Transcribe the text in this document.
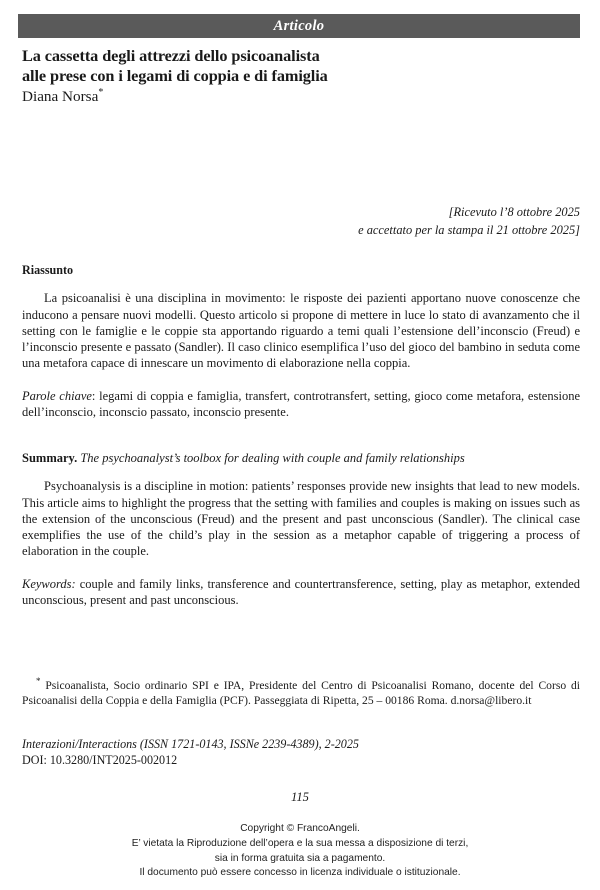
Articolo
La cassetta degli attrezzi dello psicoanalista
alle prese con i legami di coppia e di famiglia

Diana Norsa*

[Ricevuto l’8 ottobre 2025
e accettato per la stampa il 21 ottobre 2025]

Riassunto

La psicoanalisi è una disciplina in movimento: le risposte dei pazienti apportano nuove conoscenze che inducono a pensare nuovi modelli. Questo articolo si propone di mettere in luce lo stato di avanzamento che il setting con le famiglie e le coppie sta apportando riguardo a temi quali l’estensione dell’inconscio (Freud) e l’inconscio presente e passato (Sandler). Il caso clinico esemplifica l’uso del gioco del bambino in seduta come una metafora capace di innescare un movimento di elaborazione nella coppia.

Parole chiave: legami di coppia e famiglia, transfert, controtransfert, setting, gioco come metafora, estensione dell’inconscio, inconscio passato, inconscio presente.

Summary. The psychoanalyst’s toolbox for dealing with couple and family relationships

Psychoanalysis is a discipline in motion: patients’ responses provide new insights that lead to new models. This article aims to highlight the progress that the setting with families and couples is making on issues such as the extension of the unconscious (Freud) and the present and past unconscious (Sandler). The clinical case exemplifies the use of the child’s play in the session as a metaphor capable of triggering a process of elaboration in the couple.

Keywords: couple and family links, transference and countertransference, setting, play as metaphor, extended unconscious, present and past unconscious.

* Psicoanalista, Socio ordinario SPI e IPA, Presidente del Centro di Psicoanalisi Romano, docente del Corso di Psicoanalisi della Coppia e della Famiglia (PCF). Passeggiata di Ripetta, 25 – 00186 Roma. d.norsa@libero.it
Interazioni/Interactions (ISSN 1721-0143, ISSNe 2239-4389), 2-2025
DOI: 10.3280/INT2025-002012
115
Copyright © FrancoAngeli.
E’ vietata la Riproduzione dell’opera e la sua messa a disposizione di terzi,
sia in forma gratuita sia a pagamento.
Il documento può essere concesso in licenza individuale o istituzionale.
